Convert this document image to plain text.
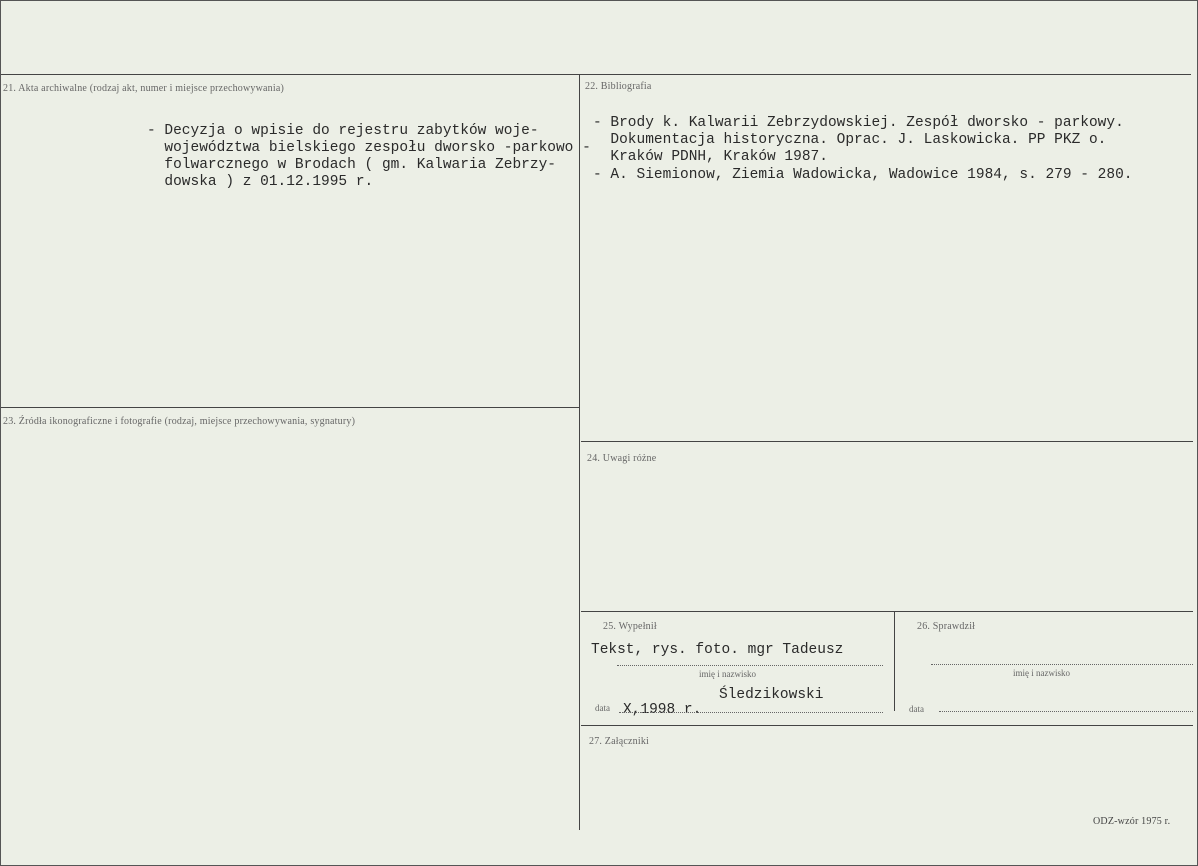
21. Akta archiwalne (rodzaj akt, numer i miejsce przechowywania)
- Decyzja o wpisie do rejestru zabytków woje-
województwa bielskiego zespołu dworsko -parkowo -
folwarcznego w Brodach ( gm. Kalwaria Zebrzy-
dowska ) z 01.12.1995 r.
22. Bibliografia
- Brody k. Kalwarii Zebrzydowskiej. Zespół dworsko - parkowy.
Dokumentacja historyczna. Oprac. J. Laskowicka. PP PKZ o.
Kraków PDNH, Kraków 1987.
- A. Siemionow, Ziemia Wadowicka, Wadowice 1984, s. 279 - 280.
23. Źródła ikonograficzne i fotografie (rodzaj, miejsce przechowywania, sygnatury)
24. Uwagi różne
25. Wypełnił
Tekst, rys. foto. mgr Tadeusz
imię i nazwisko
Śledzikowski
data X,1998 r.
26. Sprawdził
imię i nazwisko
data
27. Załączniki
ODZ-wzór 1975 r.
